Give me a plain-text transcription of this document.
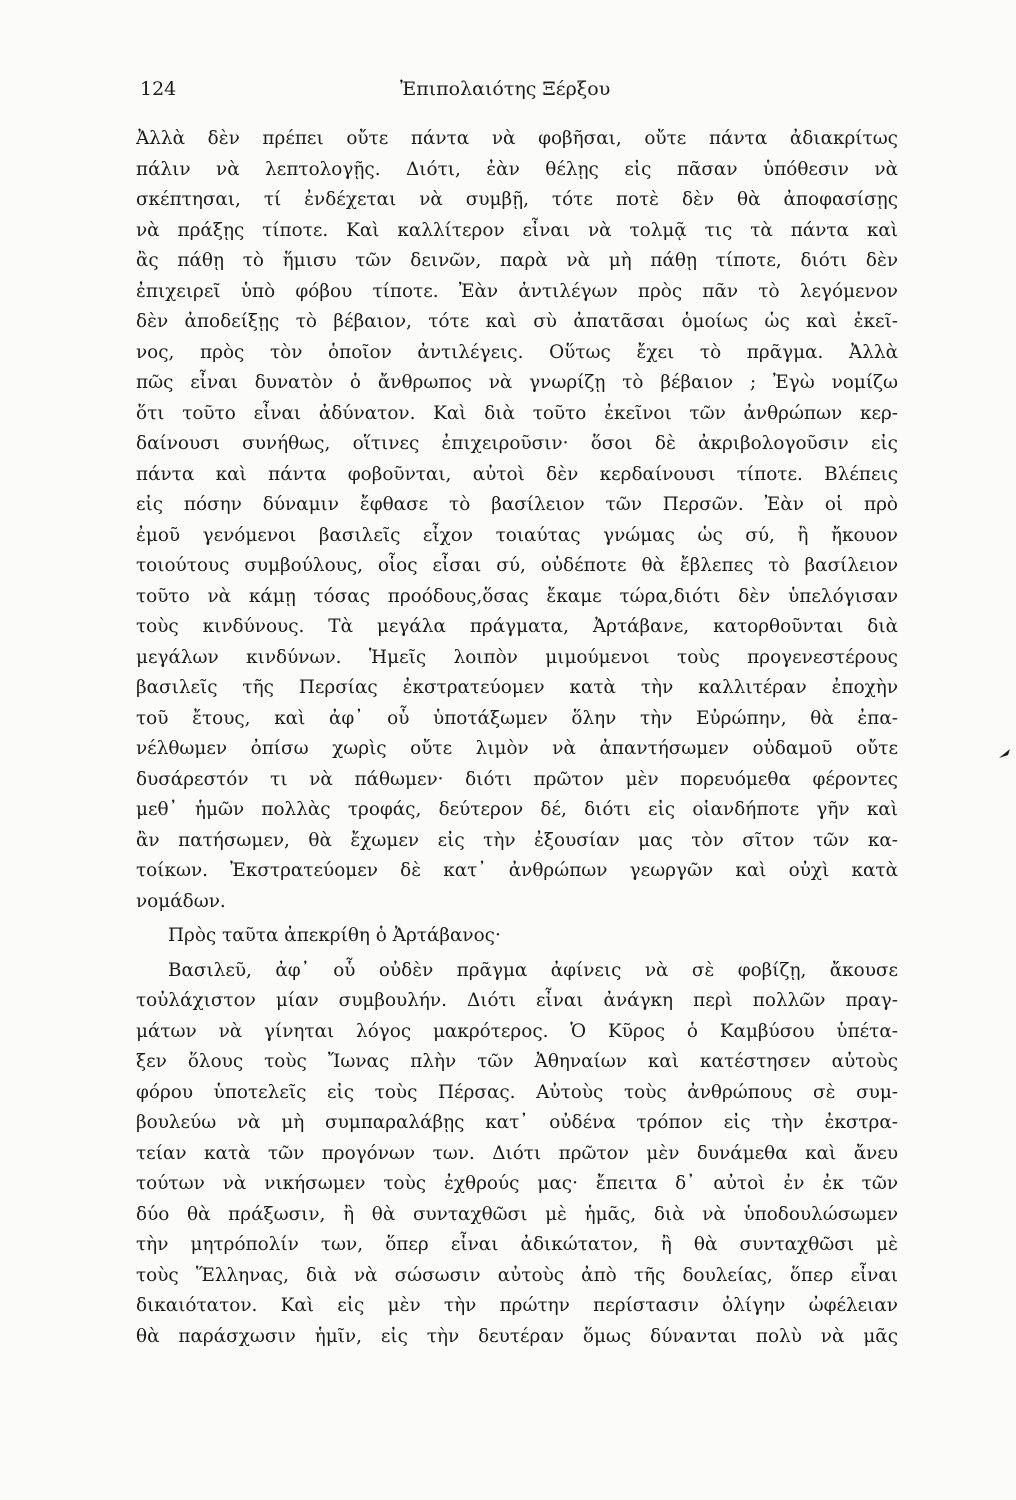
124	Ἐπιπολαιότης Ξέρξου
Ἀλλὰ δὲν πρέπει οὔτε πάντα νὰ φοβῆσαι, οὔτε πάντα ἀδιακρίτως
πάλιν νὰ λεπτολογῇς. Διότι, ἐὰν θέλῃς εἰς πᾶσαν ὑπόθεσιν νὰ
σκέπτησαι, τί ἐνδέχεται νὰ συμβῇ, τότε ποτὲ δὲν θὰ ἀποφασίσῃς
νὰ πράξῃς τίποτε. Καὶ καλλίτερον εἶναι νὰ τολμᾷ τις τὰ πάντα καὶ
ἂς πάθῃ τὸ ἥμισυ τῶν δεινῶν, παρὰ νὰ μὴ πάθῃ τίποτε, διότι δὲν
ἐπιχειρεῖ ὑπὸ φόβου τίποτε. Ἐὰν ἀντιλέγων πρὸς πᾶν τὸ λεγόμενον
δὲν ἀποδείξῃς τὸ βέβαιον, τότε καὶ σὺ ἀπατᾶσαι ὁμοίως ὡς καὶ ἐκεῖ-
νος, πρὸς τὸν ὁποῖον ἀντιλέγεις. Οὕτως ἔχει τὸ πρᾶγμα. Ἀλλὰ
πῶς εἶναι δυνατὸν ὁ ἄνθρωπος νὰ γνωρίζῃ τὸ βέβαιον ; Ἐγὼ νομίζω
ὅτι τοῦτο εἶναι ἀδύνατον. Καὶ διὰ τοῦτο ἐκεῖνοι τῶν ἀνθρώπων κερ-
δαίνουσι συνήθως, οἵτινες ἐπιχειροῦσιν· ὅσοι δὲ ἀκριβολογοῦσιν εἰς
πάντα καὶ πάντα φοβοῦνται, αὐτοὶ δὲν κερδαίνουσι τίποτε. Βλέπεις
εἰς πόσην δύναμιν ἔφθασε τὸ βασίλειον τῶν Περσῶν. Ἐὰν οἱ πρὸ
ἐμοῦ γενόμενοι βασιλεῖς εἶχον τοιαύτας γνώμας ὡς σύ, ἢ ἤκουον
τοιούτους συμβούλους, οἷος εἶσαι σύ, οὐδέποτε θὰ ἔβλεπες τὸ βασίλειον
τοῦτο νὰ κάμῃ τόσας προόδους,ὅσας ἔκαμε τώρα,διότι δὲν ὑπελόγισαν
τοὺς κινδύνους. Τὰ μεγάλα πράγματα, Ἀρτάβανε, κατορθοῦνται διὰ
μεγάλων κινδύνων. Ἡμεῖς λοιπὸν μιμούμενοι τοὺς προγενεστέρους
βασιλεῖς τῆς Περσίας ἐκστρατεύομεν κατὰ τὴν καλλιτέραν ἐποχὴν
τοῦ ἔτους, καὶ ἀφ᾽ οὗ ὑποτάξωμεν ὅλην τὴν Εὐρώπην, θὰ ἐπα-
νέλθωμεν ὀπίσω χωρὶς οὔτε λιμὸν νὰ ἀπαντήσωμεν οὐδαμοῦ οὔτε
δυσάρεστόν τι νὰ πάθωμεν· διότι πρῶτον μὲν πορευόμεθα φέροντες
μεθ᾽ ἡμῶν πολλὰς τροφάς, δεύτερον δέ, διότι εἰς οἱανδήποτε γῆν καὶ
ἂν πατήσωμεν, θὰ ἔχωμεν εἰς τὴν ἐξουσίαν μας τὸν σῖτον τῶν κα-
τοίκων. Ἐκστρατεύομεν δὲ κατ᾽ ἀνθρώπων γεωργῶν καὶ οὐχὶ κατὰ
νομάδων.
Πρὸς ταῦτα ἀπεκρίθη ὁ Ἀρτάβανος·
Βασιλεῦ, ἀφ᾽ οὗ οὐδὲν πρᾶγμα ἀφίνεις νὰ σὲ φοβίζῃ, ἄκουσε
τοὐλάχιστον μίαν συμβουλήν. Διότι εἶναι ἀνάγκη περὶ πολλῶν πραγ-
μάτων νὰ γίνηται λόγος μακρότερος. Ὁ Κῦρος ὁ Καμβύσου ὑπέτα-
ξεν ὅλους τοὺς Ἴωνας πλὴν τῶν Ἀθηναίων καὶ κατέστησεν αὐτοὺς
φόρου ὑποτελεῖς εἰς τοὺς Πέρσας. Αὐτοὺς τοὺς ἀνθρώπους σὲ συμ-
βουλεύω νὰ μὴ συμπαραλάβῃς κατ᾽ οὐδένα τρόπον εἰς τὴν ἐκστρα-
τείαν κατὰ τῶν προγόνων των. Διότι πρῶτον μὲν δυνάμεθα καὶ ἄνευ
τούτων νὰ νικήσωμεν τοὺς ἐχθρούς μας· ἔπειτα δ᾽ αὐτοὶ ἐν ἐκ τῶν
δύο θὰ πράξωσιν, ἢ θὰ συνταχθῶσι μὲ ἡμᾶς, διὰ νὰ ὑποδουλώσωμεν
τὴν μητρόπολίν των, ὅπερ εἶναι ἀδικώτατον, ἢ θὰ συνταχθῶσι μὲ
τοὺς Ἕλληνας, διὰ νὰ σώσωσιν αὐτοὺς ἀπὸ τῆς δουλείας, ὅπερ εἶναι
δικαιότατον. Καὶ εἰς μὲν τὴν πρώτην περίστασιν ὀλίγην ὠφέλειαν
θὰ παράσχωσιν ἡμῖν, εἰς τὴν δευτέραν ὅμως δύνανται πολὺ νὰ μᾶς
